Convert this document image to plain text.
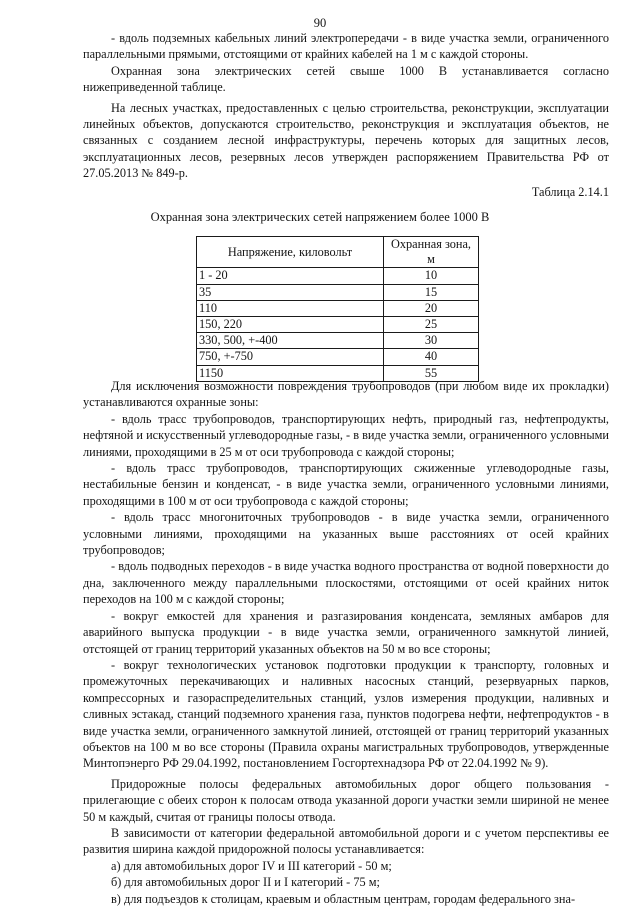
90

- вдоль подземных кабельных линий электропередачи - в виде участка земли, ограниченного параллельными прямыми, отстоящими от крайних кабелей на 1 м с каждой стороны.

Охранная зона электрических сетей свыше 1000 В устанавливается согласно нижеприведенной таблице.

На лесных участках, предоставленных с целью строительства, реконструкции, эксплуатации линейных объектов, допускаются строительство, реконструкция и эксплуатация объектов, не связанных с созданием лесной инфраструктуры, перечень которых для защитных лесов, эксплуатационных лесов, резервных лесов утвержден распоряжением Правительства РФ от 27.05.2013 № 849-р.

Таблица 2.14.1

Охранная зона электрических сетей напряжением более 1000 В
Напряжение, киловольт	Охранная зона, м
1 - 20	10
35	15
110	20
150, 220	25
330, 500, +-400	30
750, +-750	40
1150	55

Для исключения возможности повреждения трубопроводов (при любом виде их прокладки) устанавливаются охранные зоны:

- вдоль трасс трубопроводов, транспортирующих нефть, природный газ, нефтепродукты, нефтяной и искусственный углеводородные газы, - в виде участка земли, ограниченного условными линиями, проходящими в 25 м от оси трубопровода с каждой стороны;

- вдоль трасс трубопроводов, транспортирующих сжиженные углеводородные газы, нестабильные бензин и конденсат, - в виде участка земли, ограниченного условными линиями, проходящими в 100 м от оси трубопровода с каждой стороны;

- вдоль трасс многониточных трубопроводов - в виде участка земли, ограниченного условными линиями, проходящими на указанных выше расстояниях от осей крайних трубопроводов;

- вдоль подводных переходов - в виде участка водного пространства от водной поверхности до дна, заключенного между параллельными плоскостями, отстоящими от осей крайних ниток переходов на 100 м с каждой стороны;

- вокруг емкостей для хранения и разгазирования конденсата, земляных амбаров для аварийного выпуска продукции - в виде участка земли, ограниченного замкнутой линией, отстоящей от границ территорий указанных объектов на 50 м во все стороны;

- вокруг технологических установок подготовки продукции к транспорту, головных и промежуточных перекачивающих и наливных насосных станций, резервуарных парков, компрессорных и газораспределительных станций, узлов измерения продукции, наливных и сливных эстакад, станций подземного хранения газа, пунктов подогрева нефти, нефтепродуктов - в виде участка земли, ограниченного замкнутой линией, отстоящей от границ территорий указанных объектов на 100 м во все стороны (Правила охраны магистральных трубопроводов, утвержденные Минтопэнерго РФ 29.04.1992, постановлением Госгортехнадзора РФ от 22.04.1992 № 9).

Придорожные полосы федеральных автомобильных дорог общего пользования - прилегающие с обеих сторон к полосам отвода указанной дороги участки земли шириной не менее 50 м каждый, считая от границы полосы отвода.

В зависимости от категории федеральной автомобильной дороги и с учетом перспективы ее развития ширина каждой придорожной полосы устанавливается:

а) для автомобильных дорог IV и III категорий - 50 м;

б) для автомобильных дорог II и I категорий - 75 м;

в) для подъездов к столицам, краевым и областным центрам, городам федерального зна-
